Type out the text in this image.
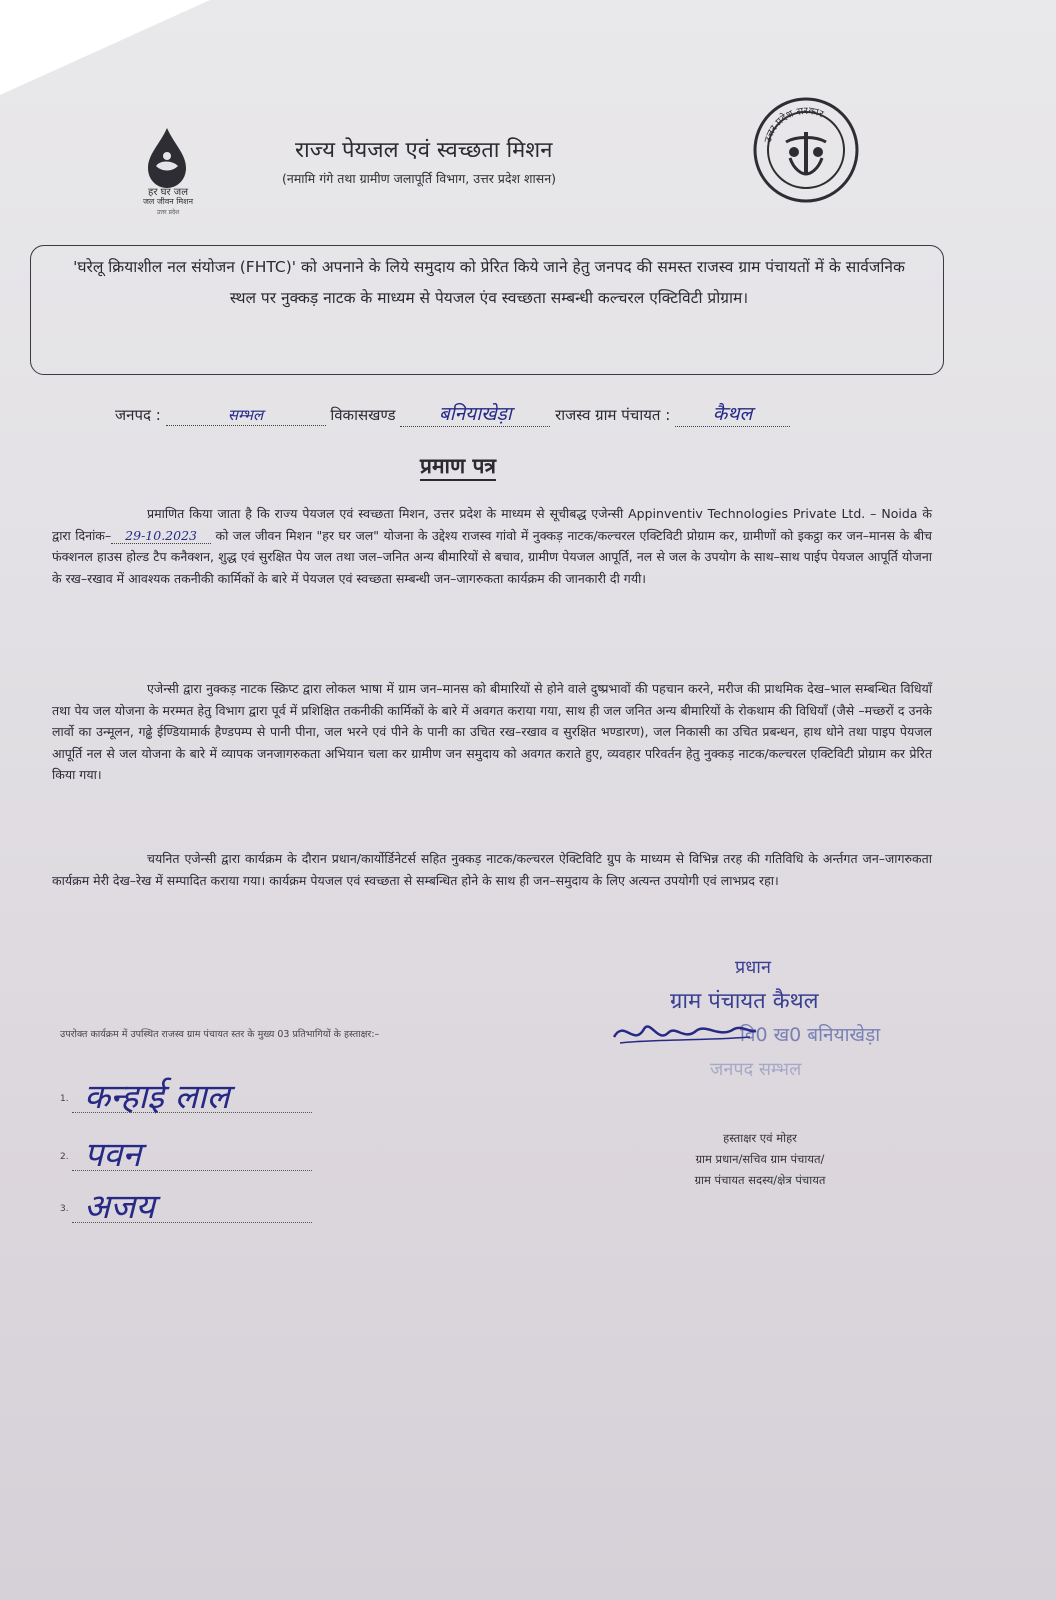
हर घर जल
जल जीवन मिशन
उत्तर प्रदेश
राज्य पेयजल एवं स्वच्छता मिशन
(नमामि गंगे तथा ग्रामीण जलापूर्ति विभाग, उत्तर प्रदेश शासन)
उत्तर प्रदेश सरकार
'घरेलू क्रियाशील नल संयोजन (FHTC)' को अपनाने के लिये समुदाय को प्रेरित किये जाने हेतु जनपद की समस्त राजस्व ग्राम पंचायतों में के सार्वजनिक स्थल पर नुक्कड़ नाटक के माध्यम से पेयजल एंव स्वच्छता सम्बन्धी कल्चरल एक्टिविटी प्रोग्राम।
जनपद :	सम्भल	विकासखण्ड बनियाखेड़ा	राजस्व ग्राम पंचायत : कैथल
प्रमाण पत्र
प्रमाणित किया जाता है कि राज्य पेयजल एवं स्वच्छता मिशन, उत्तर प्रदेश के माध्यम से सूचीबद्ध एजेन्सी Appinventiv Technologies Private Ltd. – Noida के द्वारा दिनांक– 29-10.2023 को जल जीवन मिशन "हर घर जल" योजना के उद्देश्य राजस्व गांवो में नुक्कड़ नाटक/कल्चरल एक्टिविटी प्रोग्राम कर, ग्रामीणों को इकट्ठा कर जन–मानस के बीच फंक्शनल हाउस होल्ड टैप कनैक्शन, शुद्ध एवं सुरक्षित पेय जल तथा जल–जनित अन्य बीमारियों से बचाव, ग्रामीण पेयजल आपूर्ति, नल से जल के उपयोग के साथ–साथ पाईप पेयजल आपूर्ति योजना के रख–रखाव में आवश्यक तकनीकी कार्मिकों के बारे में पेयजल एवं स्वच्छता सम्बन्धी जन–जागरुकता कार्यक्रम की जानकारी दी गयी।
एजेन्सी द्वारा नुक्कड़ नाटक स्क्रिप्ट द्वारा लोकल भाषा में ग्राम जन–मानस को बीमारियों से होने वाले दुष्प्रभावों की पहचान करने, मरीज की प्राथमिक देख–भाल सम्बन्धित विधियाँ तथा पेय जल योजना के मरम्मत हेतु विभाग द्वारा पूर्व में प्रशिक्षित तकनीकी कार्मिकों के बारे में अवगत कराया गया, साथ ही जल जनित अन्य बीमारियों के रोकथाम की विधियाँ (जैसे –मच्छरों द उनके लार्वो का उन्मूलन, गढ्ढे ईण्डियामार्क हैण्डपम्प से पानी पीना, जल भरने एवं पीने के पानी का उचित रख–रखाव व सुरक्षित भण्डारण), जल निकासी का उचित प्रबन्धन, हाथ धोने तथा पाइप पेयजल आपूर्ति नल से जल योजना के बारे में व्यापक जनजागरुकता अभियान चला कर ग्रामीण जन समुदाय को अवगत कराते हुए, व्यवहार परिवर्तन हेतु नुक्कड़ नाटक/कल्चरल एक्टिविटी प्रोग्राम कर प्रेरित किया गया।
चयनित एजेन्सी द्वारा कार्यक्रम के दौरान प्रधान/कार्योर्डिनेटर्स सहित नुक्कड़ नाटक/कल्चरल ऐक्टिविटि ग्रुप के माध्यम से विभिन्न तरह की गतिविधि के अर्न्तगत जन–जागरुकता कार्यक्रम मेरी देख–रेख में सम्पादित कराया गया। कार्यक्रम पेयजल एवं स्वच्छता से सम्बन्धित होने के साथ ही जन–समुदाय के लिए अत्यन्त उपयोगी एवं लाभप्रद रहा।
प्रधान
ग्राम पंचायत कैथल
वि0 ख0 बनियाखेड़ा
जनपद सम्भल
हस्ताक्षर एवं मोहर
ग्राम प्रधान/सचिव ग्राम पंचायत/
ग्राम पंचायत सदस्य/क्षेत्र पंचायत
उपरोक्त कार्यक्रम में उपस्थित राजस्व ग्राम पंचायत स्तर के मुख्य 03 प्रतिभागियों के हस्ताक्षर:–
1. कन्हाई लाल
2. पवन
3. अजय
